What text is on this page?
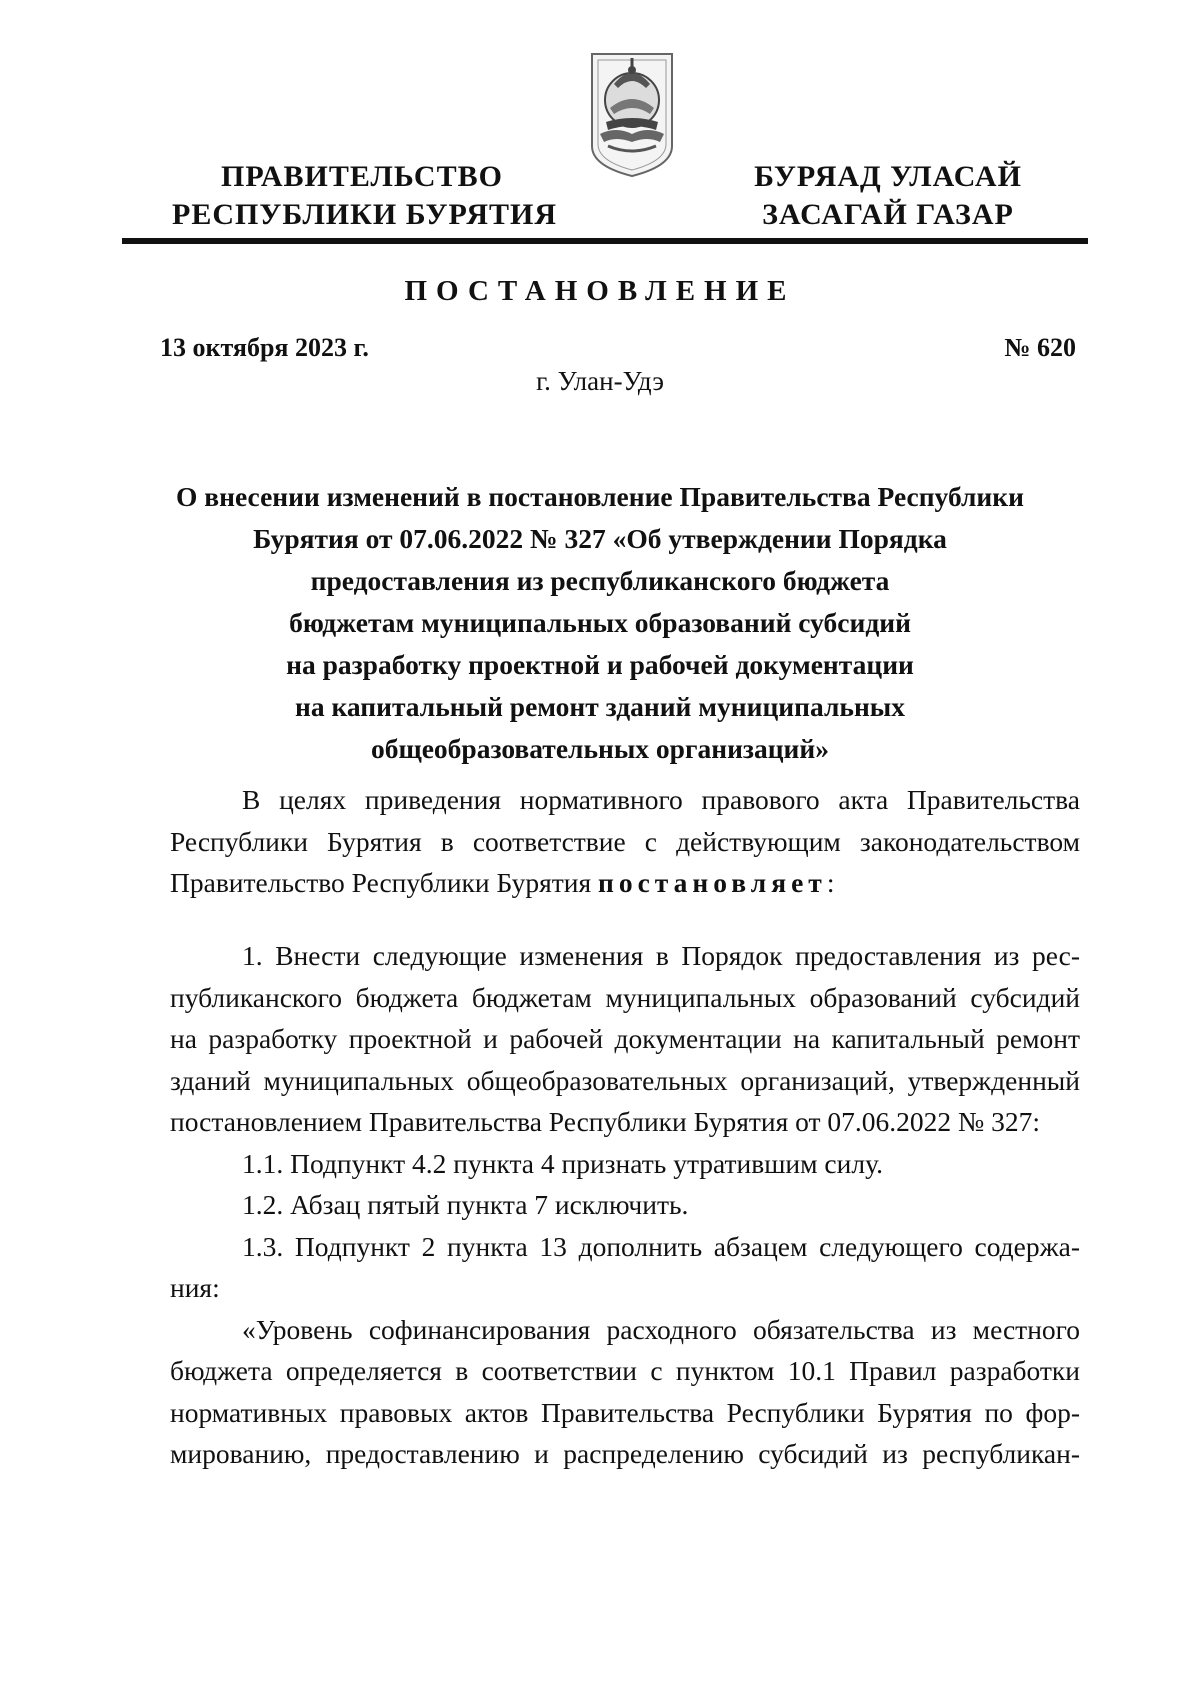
ПРАВИТЕЛЬСТВО
РЕСПУБЛИКИ БУРЯТИЯ
БУРЯАД УЛАСАЙ
ЗАСАГАЙ ГАЗАР
ПОСТАНОВЛЕНИЕ
13 октября 2023 г.	№ 620
г. Улан-Удэ
О внесении изменений в постановление Правительства Республики
Бурятия от 07.06.2022 № 327 «Об утверждении Порядка
предоставления из республиканского бюджета
бюджетам муниципальных образований субсидий
на разработку проектной и рабочей документации
на капитальный ремонт зданий муниципальных
общеобразовательных организаций»
В целях приведения нормативного правового акта Правительства
Республики Бурятия в соответствие с действующим законодательством
Правительство Республики Бурятия постановляет:
1. Внести следующие изменения в Порядок предоставления из рес-
публиканского бюджета бюджетам муниципальных образований субсидий
на разработку проектной и рабочей документации на капитальный ремонт
зданий муниципальных общеобразовательных организаций, утвержденный
постановлением Правительства Республики Бурятия от 07.06.2022 № 327:
1.1. Подпункт 4.2 пункта 4 признать утратившим силу.
1.2. Абзац пятый пункта 7 исключить.
1.3. Подпункт 2 пункта 13 дополнить абзацем следующего содержа-
ния:
«Уровень софинансирования расходного обязательства из местного
бюджета определяется в соответствии с пунктом 10.1 Правил разработки
нормативных правовых актов Правительства Республики Бурятия по фор-
мированию, предоставлению и распределению субсидий из республикан-
